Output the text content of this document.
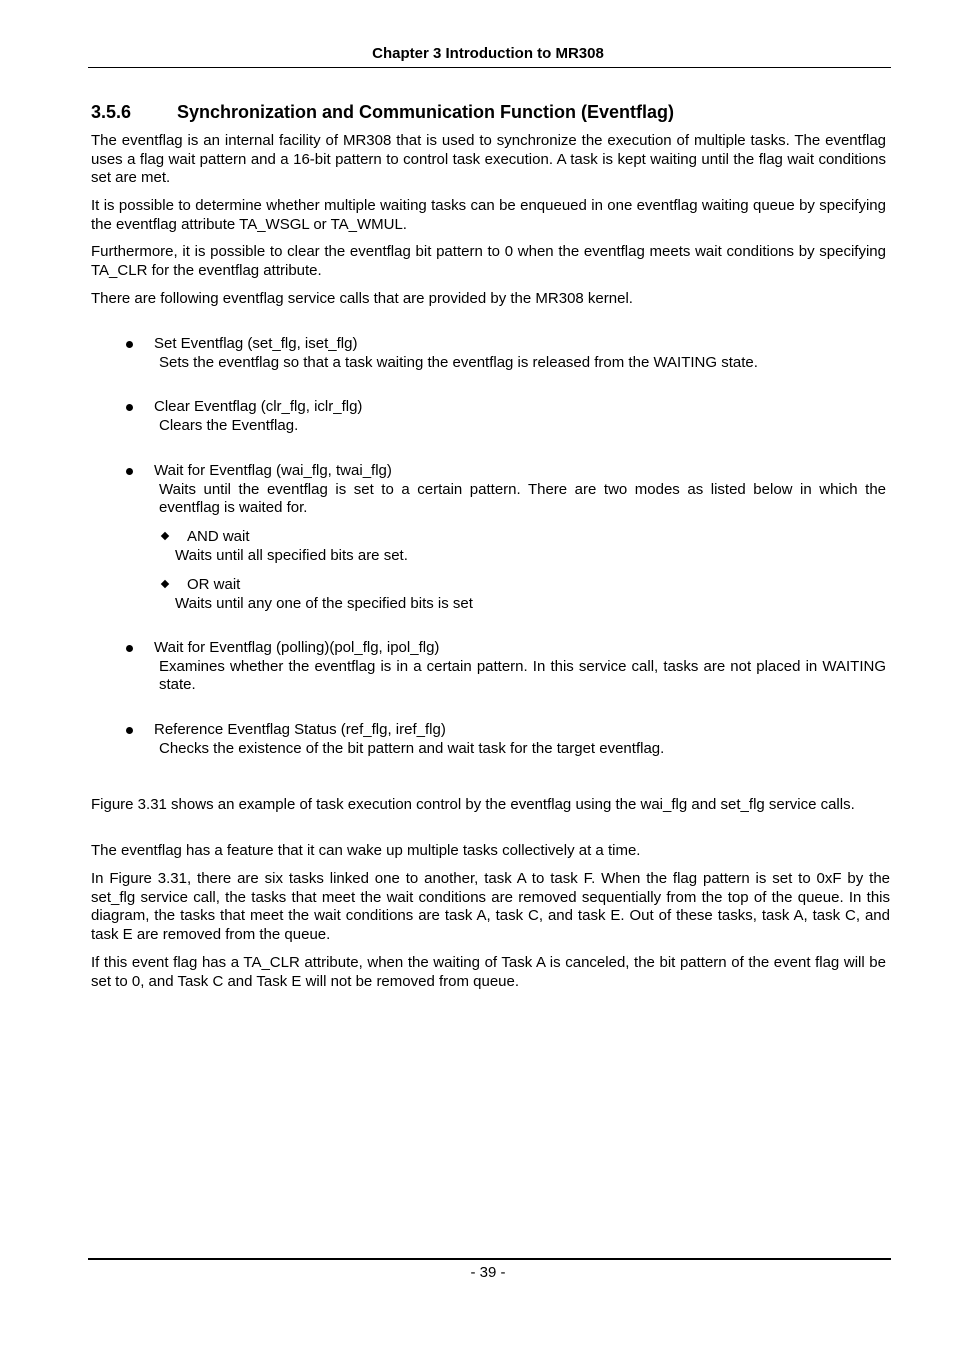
Chapter 3 Introduction to MR308
3.5.6	Synchronization and Communication Function (Eventflag)

The eventflag is an internal facility of MR308 that is used to synchronize the execution of multiple tasks. The eventflag uses a flag wait pattern and a 16-bit pattern to control task execution. A task is kept waiting until the flag wait conditions set are met.

It is possible to determine whether multiple waiting tasks can be enqueued in one eventflag waiting queue by specifying the eventflag attribute TA_WSGL or TA_WMUL.

Furthermore, it is possible to clear the eventflag bit pattern to 0 when the eventflag meets wait conditions by specifying TA_CLR for the eventflag attribute.

There are following eventflag service calls that are provided by the MR308 kernel.

Set Eventflag (set_flg, iset_flg)
Sets the eventflag so that a task waiting the eventflag is released from the WAITING state.
Clear Eventflag (clr_flg, iclr_flg)
Clears the Eventflag.
Wait for Eventflag (wai_flg, twai_flg)
Waits until the eventflag is set to a certain pattern. There are two modes as listed below in which the eventflag is waited for.
AND wait
Waits until all specified bits are set.
OR wait
Waits until any one of the specified bits is set
Wait for Eventflag (polling)(pol_flg, ipol_flg)
Examines whether the eventflag is in a certain pattern. In this service call, tasks are not placed in WAITING state.
Reference Eventflag Status (ref_flg, iref_flg)
Checks the existence of the bit pattern and wait task for the target eventflag.

Figure 3.31 shows an example of task execution control by the eventflag using the wai_flg and set_flg service calls.

The eventflag has a feature that it can wake up multiple tasks collectively at a time.

In Figure 3.31, there are six tasks linked one to another, task A to task F. When the flag pattern is set to 0xF by the set_flg service call, the tasks that meet the wait conditions are removed sequentially from the top of the queue. In this diagram, the tasks that meet the wait conditions are task A, task C, and task E. Out of these tasks, task A, task C, and task E are removed from the queue.

If this event flag has a TA_CLR attribute, when the waiting of Task A is canceled, the bit pattern of the event flag will be set to 0, and Task C and Task E will not be removed from queue.

- 39 -
